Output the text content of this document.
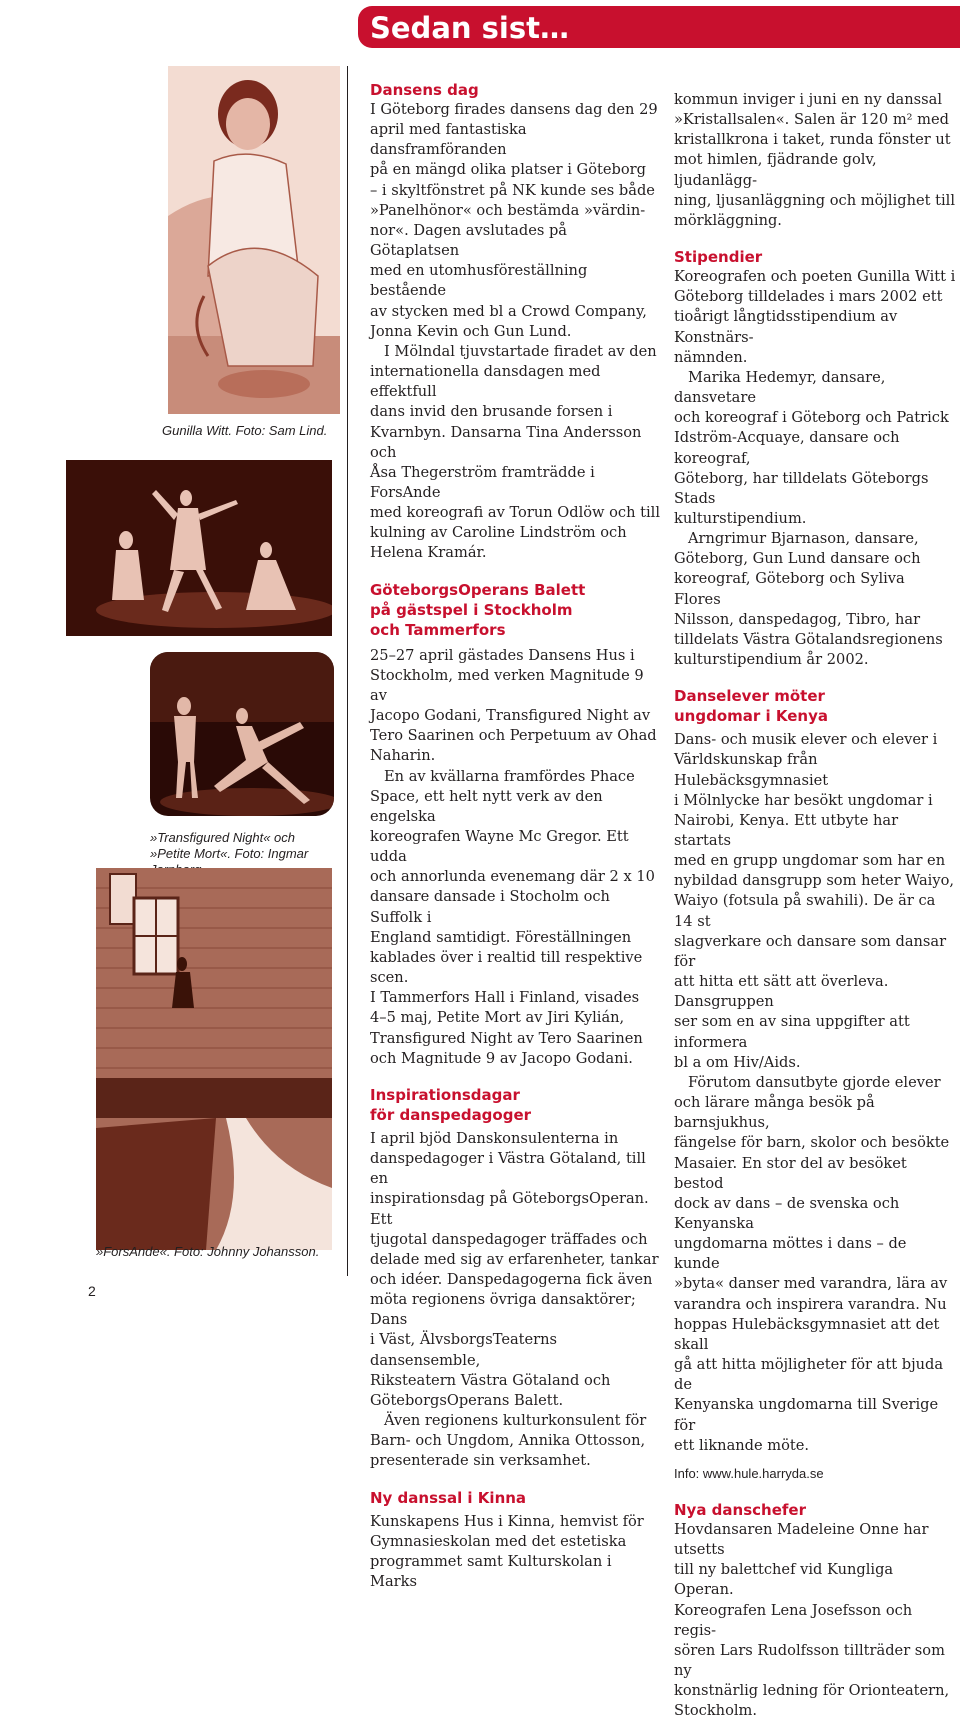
Sedan sist…
Gunilla Witt. Foto: Sam Lind.
»Transfigured Night« och »Petite Mort«. Foto: Ingmar
»ForsAnde«. Foto: Johnny Johansson.
2
Dansens dag

I Göteborg firades dansens dag den 29
april med fantastiska dansframföranden
på en mängd olika platser i Göteborg
– i skyltfönstret på NK kunde ses både
»Panelhönor« och bestämda »värdin-
nor«. Dagen avslutades på Götaplatsen
med en utomhusföreställning bestående
av stycken med bl a Crowd Company,
Jonna Kevin och Gun Lund.

I Mölndal tjuvstartade firadet av den
internationella dansdagen med effektfull
dans invid den brusande forsen i
Kvarnbyn. Dansarna Tina Andersson och
Åsa Thegerström framträdde i ForsAnde
med koreografi av Torun Odlöw och till
kulning av Caroline Lindström och
Helena Kramár.

GöteborgsOperans Balett
på gästspel i Stockholm
och Tammerfors

25–27 april gästades Dansens Hus i
Stockholm, med verken Magnitude 9 av
Jacopo Godani, Transfigured Night av
Tero Saarinen och Perpetuum av Ohad
Naharin.

En av kvällarna framfördes Phace
Space, ett helt nytt verk av den engelska
koreografen Wayne Mc Gregor. Ett udda
och annorlunda evenemang där 2 x 10
dansare dansade i Stocholm och Suffolk i
England samtidigt. Föreställningen
kablades över i realtid till respektive scen.
I Tammerfors Hall i Finland, visades
4–5 maj, Petite Mort av Jiri Kylián,
Transfigured Night av Tero Saarinen
och Magnitude 9 av Jacopo Godani.

Inspirationsdagar
för danspedagoger

I april bjöd Danskonsulenterna in
danspedagoger i Västra Götaland, till en
inspirationsdag på GöteborgsOperan. Ett
tjugotal danspedagoger träffades och
delade med sig av erfarenheter, tankar
och idéer. Danspedagogerna fick även
möta regionens övriga dansaktörer; Dans
i Väst, ÄlvsborgsTeaterns dansensemble,
Riksteatern Västra Götaland och
GöteborgsOperans Balett.

Även regionens kulturkonsulent för
Barn- och Ungdom, Annika Ottosson,
presenterade sin verksamhet.

Ny danssal i Kinna

Kunskapens Hus i Kinna, hemvist för
Gymnasieskolan med det estetiska
programmet samt Kulturskolan i Marks

kommun inviger i juni en ny danssal
»Kristallsalen«. Salen är 120 m² med
kristallkrona i taket, runda fönster ut
mot himlen, fjädrande golv, ljudanlägg-
ning, ljusanläggning och möjlighet till
mörkläggning.

Stipendier

Koreografen och poeten Gunilla Witt i
Göteborg tilldelades i mars 2002 ett
tioårigt långtidsstipendium av Konstnärs-
nämnden.

Marika Hedemyr, dansare, dansvetare
och koreograf i Göteborg och Patrick
Idström-Acquaye, dansare och koreograf,
Göteborg, har tilldelats Göteborgs Stads
kulturstipendium.

Arngrimur Bjarnason, dansare,
Göteborg, Gun Lund dansare och
koreograf, Göteborg och Syliva Flores
Nilsson, danspedagog, Tibro, har
tilldelats Västra Götalandsregionens
kulturstipendium år 2002.

Danselever möter
ungdomar i Kenya

Dans- och musik elever och elever i
Världskunskap från Hulebäcksgymnasiet
i Mölnlycke har besökt ungdomar i
Nairobi, Kenya. Ett utbyte har startats
med en grupp ungdomar som har en
nybildad dansgrupp som heter Waiyo,
Waiyo (fotsula på swahili). De är ca 14 st
slagverkare och dansare som dansar för
att hitta ett sätt att överleva. Dansgruppen
ser som en av sina uppgifter att informera
bl a om Hiv/Aids.

Förutom dansutbyte gjorde elever
och lärare många besök på barnsjukhus,
fängelse för barn, skolor och besökte
Masaier. En stor del av besöket bestod
dock av dans – de svenska och Kenyanska
ungdomarna möttes i dans – de kunde
»byta« danser med varandra, lära av
varandra och inspirera varandra. Nu
hoppas Hulebäcksgymnasiet att det skall
gå att hitta möjligheter för att bjuda de
Kenyanska ungdomarna till Sverige för
ett liknande möte.

Info: www.hule.harryda.se

Nya danschefer

Hovdansaren Madeleine Onne har utsetts
till ny balettchef vid Kungliga Operan.
Koreografen Lena Josefsson och regis-
sören Lars Rudolfsson tillträder som ny
konstnärlig ledning för Orionteatern,
Stockholm.
